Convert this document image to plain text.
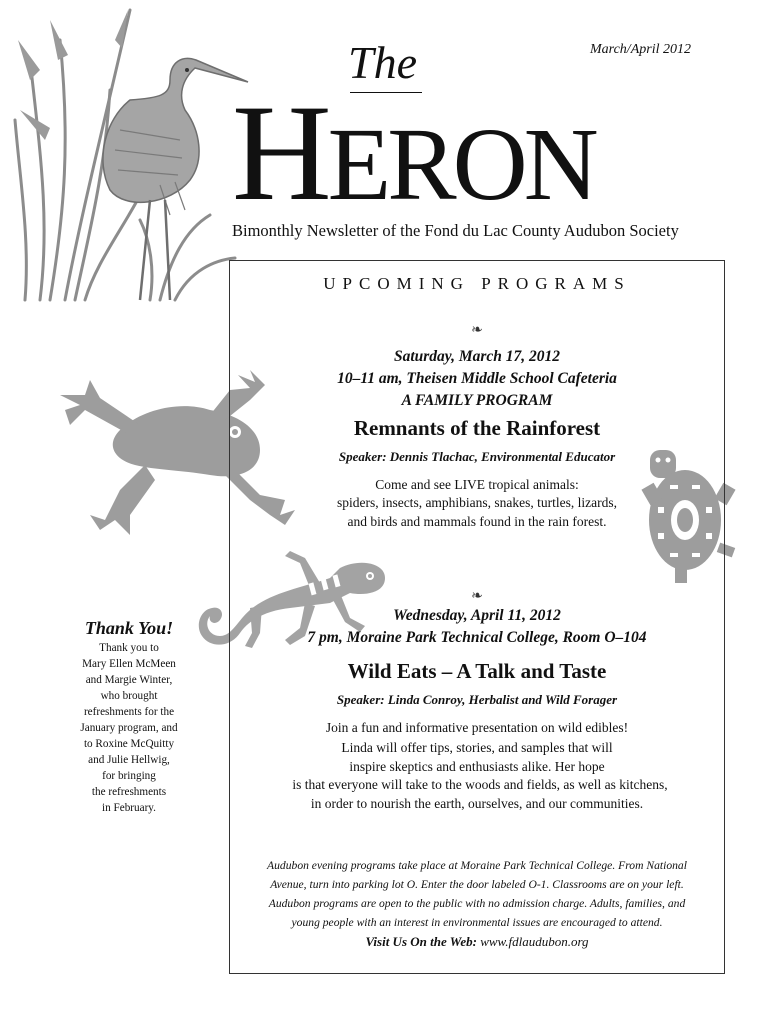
March/April 2012
The
HERON
Bimonthly Newsletter of the Fond du Lac County Audubon Society
UPCOMING PROGRAMS
❧
Saturday, March 17, 2012
10–11 am, Theisen Middle School Cafeteria
A FAMILY PROGRAM
Remnants of the Rainforest
Speaker: Dennis Tlachac, Environmental Educator
Come and see LIVE tropical animals:
spiders, insects, amphibians, snakes, turtles, lizards,
and birds and mammals found in the rain forest.
❧
Wednesday, April 11, 2012
7 pm, Moraine Park Technical College, Room O–104
Wild Eats – A Talk and Taste
Speaker: Linda Conroy, Herbalist and Wild Forager
Join a fun and informative presentation on wild edibles!
Linda will offer tips, stories, and samples that will
inspire skeptics and enthusiasts alike. Her hope
is that everyone will take to the woods and fields, as well as kitchens,
in order to nourish the earth, ourselves, and our communities.
Audubon evening programs take place at Moraine Park Technical College. From National
Avenue, turn into parking lot O. Enter the door labeled O-1. Classrooms are on your left.
Audubon programs are open to the public with no admission charge. Adults, families, and
young people with an interest in environmental issues are encouraged to attend.
Visit Us On the Web: www.fdlaudubon.org
Thank You!
Thank you to
Mary Ellen McMeen
and Margie Winter,
who brought
refreshments for the
January program, and
to Roxine McQuitty
and Julie Hellwig,
for bringing
the refreshments
in February.
